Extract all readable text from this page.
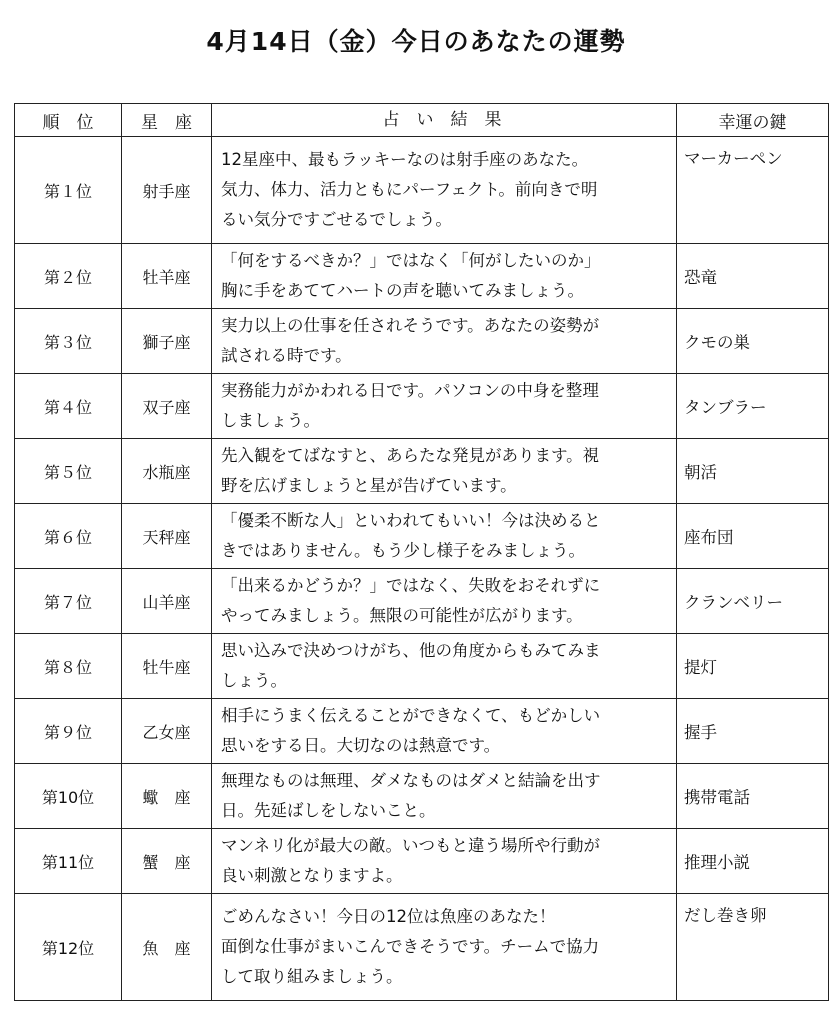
4月14日（金）今日のあなたの運勢
順　位	星　座	占　い　結　果	幸運の鍵
第１位	射手座	12星座中、最もラッキーなのは射手座のあなた。
気力、体力、活力ともにパーフェクト。前向きで明
るい気分ですごせるでしょう。	マーカーペン
第２位	牡羊座	「何をするべきか？」ではなく「何がしたいのか」
胸に手をあててハートの声を聴いてみましょう。	恐竜
第３位	獅子座	実力以上の仕事を任されそうです。あなたの姿勢が
試される時です。	クモの巣
第４位	双子座	実務能力がかわれる日です。パソコンの中身を整理
しましょう。	タンブラー
第５位	水瓶座	先入観をてばなすと、あらたな発見があります。視
野を広げましょうと星が告げています。	朝活
第６位	天秤座	「優柔不断な人」といわれてもいい！今は決めると
きではありません。もう少し様子をみましょう。	座布団
第７位	山羊座	「出来るかどうか？」ではなく、失敗をおそれずに
やってみましょう。無限の可能性が広がります。	クランベリー
第８位	牡牛座	思い込みで決めつけがち、他の角度からもみてみま
しょう。	提灯
第９位	乙女座	相手にうまく伝えることができなくて、もどかしい
思いをする日。大切なのは熱意です。	握手
第10位	蠍　座	無理なものは無理、ダメなものはダメと結論を出す
日。先延ばしをしないこと。	携帯電話
第11位	蟹　座	マンネリ化が最大の敵。いつもと違う場所や行動が
良い刺激となりますよ。	推理小説
第12位	魚　座	ごめんなさい！今日の12位は魚座のあなた！
面倒な仕事がまいこんできそうです。チームで協力
して取り組みましょう。	だし巻き卵
